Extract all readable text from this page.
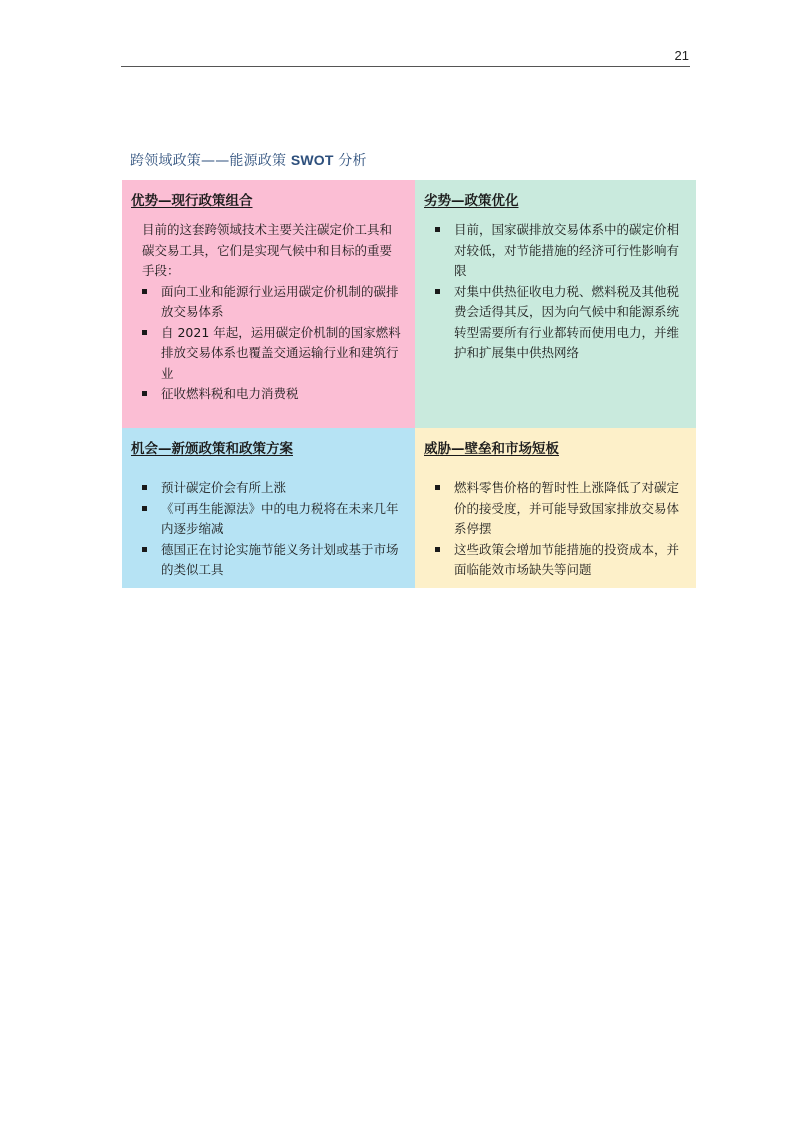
21
跨领域政策——能源政策 SWOT 分析
优势—现行政策组合
目前的这套跨领域技术主要关注碳定价工具和碳交易工具，它们是实现气候中和目标的重要手段：
面向工业和能源行业运用碳定价机制的碳排放交易体系
自 2021 年起，运用碳定价机制的国家燃料排放交易体系也覆盖交通运输行业和建筑行业
征收燃料税和电力消费税
劣势—政策优化
目前，国家碳排放交易体系中的碳定价相对较低，对节能措施的经济可行性影响有限
对集中供热征收电力税、燃料税及其他税费会适得其反，因为向气候中和能源系统转型需要所有行业都转而使用电力，并维护和扩展集中供热网络
机会—新颁政策和政策方案
预计碳定价会有所上涨
《可再生能源法》中的电力税将在未来几年内逐步缩减
德国正在讨论实施节能义务计划或基于市场的类似工具
威胁—壁垒和市场短板
燃料零售价格的暂时性上涨降低了对碳定价的接受度，并可能导致国家排放交易体系停摆
这些政策会增加节能措施的投资成本，并面临能效市场缺失等问题
